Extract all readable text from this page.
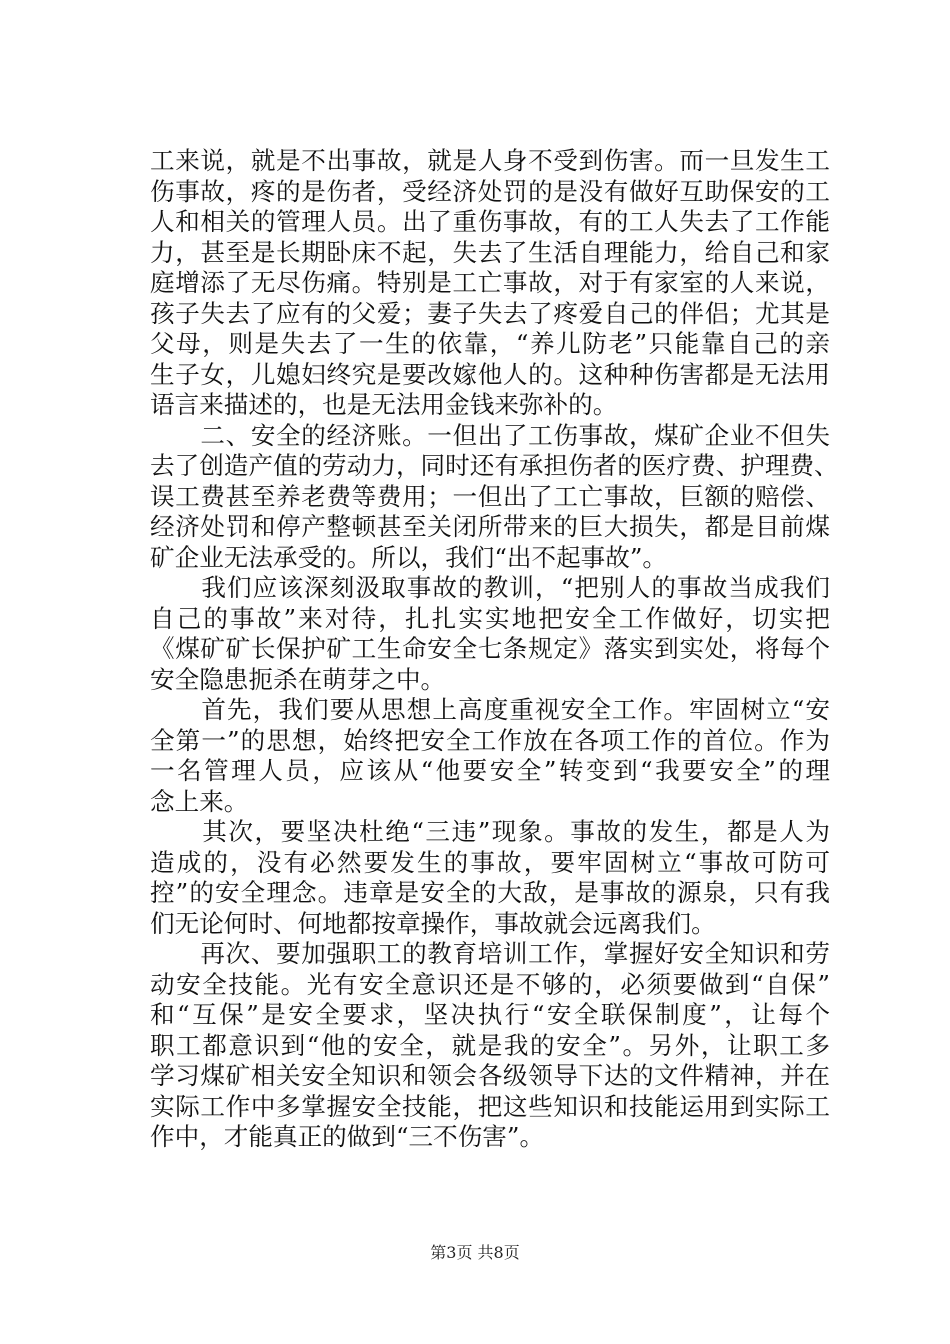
工来说，就是不出事故，就是人身不受到伤害。而一旦发生工
伤事故，疼的是伤者，受经济处罚的是没有做好互助保安的工
人和相关的管理人员。出了重伤事故，有的工人失去了工作能
力，甚至是长期卧床不起，失去了生活自理能力，给自己和家
庭增添了无尽伤痛。特别是工亡事故，对于有家室的人来说，
孩子失去了应有的父爱；妻子失去了疼爱自己的伴侣；尤其是
父母，则是失去了一生的依靠，“养儿防老”只能靠自己的亲
生子女，儿媳妇终究是要改嫁他人的。这种种伤害都是无法用
语言来描述的，也是无法用金钱来弥补的。
　　二、安全的经济账。一但出了工伤事故，煤矿企业不但失
去了创造产值的劳动力，同时还有承担伤者的医疗费、护理费、
误工费甚至养老费等费用；一但出了工亡事故，巨额的赔偿、
经济处罚和停产整顿甚至关闭所带来的巨大损失，都是目前煤
矿企业无法承受的。所以，我们“出不起事故”。
　　我们应该深刻汲取事故的教训，“把别人的事故当成我们
自己的事故”来对待，扎扎实实地把安全工作做好，切实把
《煤矿矿长保护矿工生命安全七条规定》落实到实处，将每个
安全隐患扼杀在萌芽之中。
　　首先，我们要从思想上高度重视安全工作。牢固树立“安
全第一”的思想，始终把安全工作放在各项工作的首位。作为
一名管理人员，应该从“他要安全”转变到“我要安全”的理
念上来。
　　其次，要坚决杜绝“三违”现象。事故的发生，都是人为
造成的，没有必然要发生的事故，要牢固树立“事故可防可
控”的安全理念。违章是安全的大敌，是事故的源泉，只有我
们无论何时、何地都按章操作，事故就会远离我们。
　　再次、要加强职工的教育培训工作，掌握好安全知识和劳
动安全技能。光有安全意识还是不够的，必须要做到“自保”
和“互保”是安全要求，坚决执行“安全联保制度”，让每个
职工都意识到“他的安全，就是我的安全”。另外，让职工多
学习煤矿相关安全知识和领会各级领导下达的文件精神，并在
实际工作中多掌握安全技能，把这些知识和技能运用到实际工
作中，才能真正的做到“三不伤害”。
第3页 共8页
